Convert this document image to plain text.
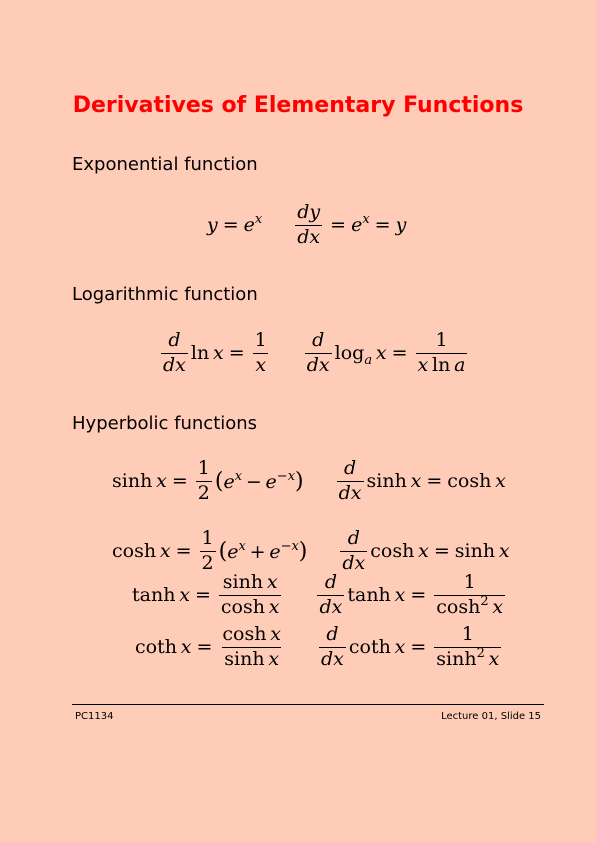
Derivatives of Elementary Functions
Exponential function
$y = e^x \frac{dy}{dx} = e^x = y$
Logarithmic function
$\frac{d}{dx}$ $\ln x = \frac{1}{x} \frac{d}{dx} \log_a x = \frac{1}{\text{x ln a}}$
Hyperbolic functions
$\sinh x = \frac{1}{2} (e^x - e^{-x}) \frac{d}{dx}$ sinh x = cosh x
$\cosh x = \frac{1}{2} (e^x + e^{-x}) \frac{d}{dx}$ cosh x = sinh x
$\tanh x = \frac{\text{sinh x}}{\text{cosh x}} \frac{d}{dx}$ $\tanh x = \frac{1}{\cosh^2 x}$
coth $x = \frac{\text{cosh x}}{\text{sinh x}} \frac{d}{dx}$ coth $x = \frac{1}{\sinh^2 x}$
PC1134	Lecture 01, Slide 15
